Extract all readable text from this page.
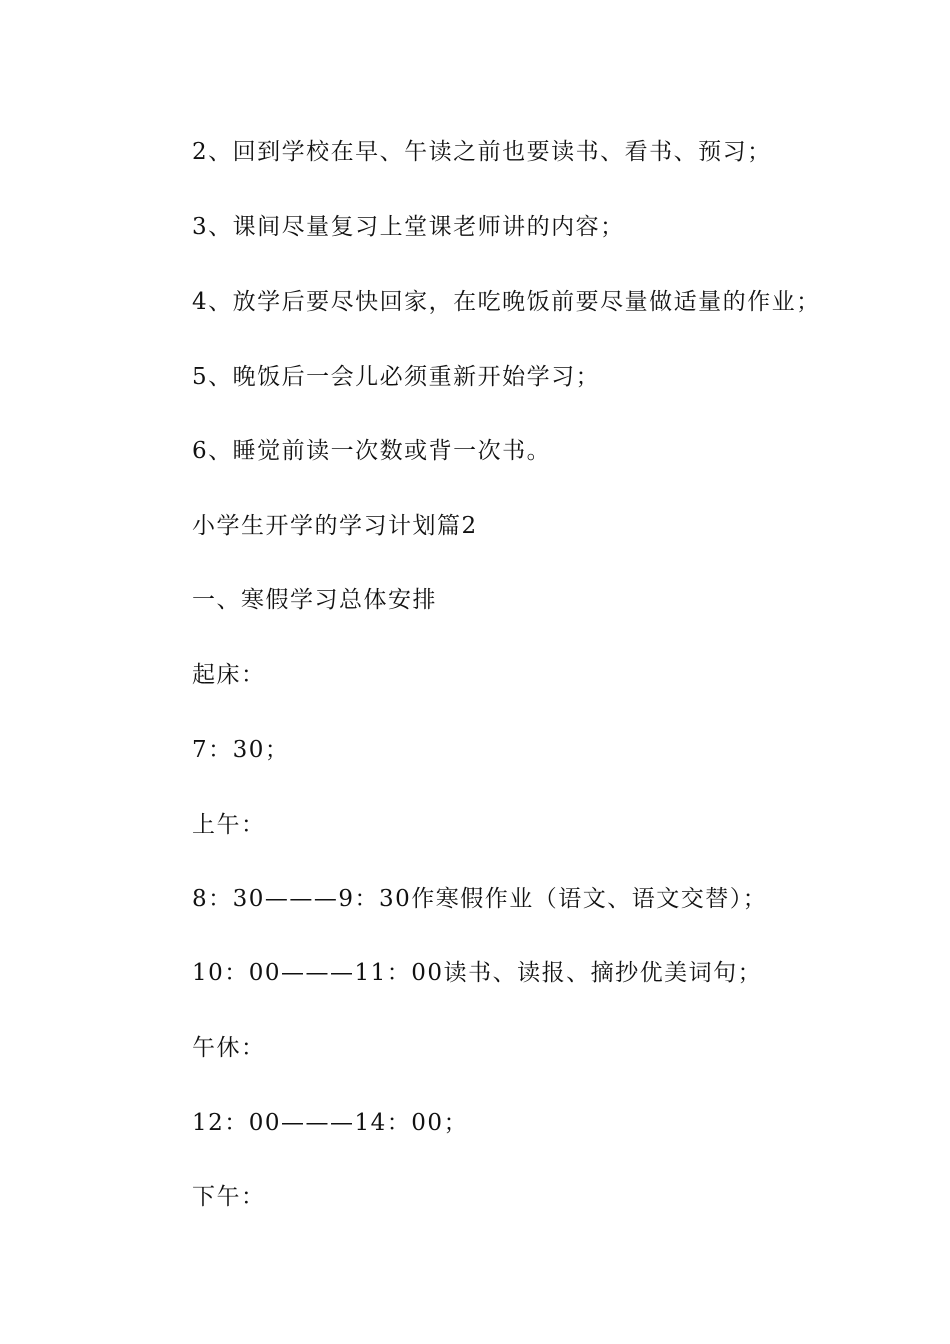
2、回到学校在早、午读之前也要读书、看书、预习；

3、课间尽量复习上堂课老师讲的内容；

4、放学后要尽快回家，在吃晚饭前要尽量做适量的作业；

5、晚饭后一会儿必须重新开始学习；

6、睡觉前读一次数或背一次书。

小学生开学的学习计划篇2

一、寒假学习总体安排

起床：

7：30；

上午：

8：30———9：30作寒假作业（语文、语文交替）；

10：00———11：00读书、读报、摘抄优美词句；

午休：

12：00———14：00；

下午：
